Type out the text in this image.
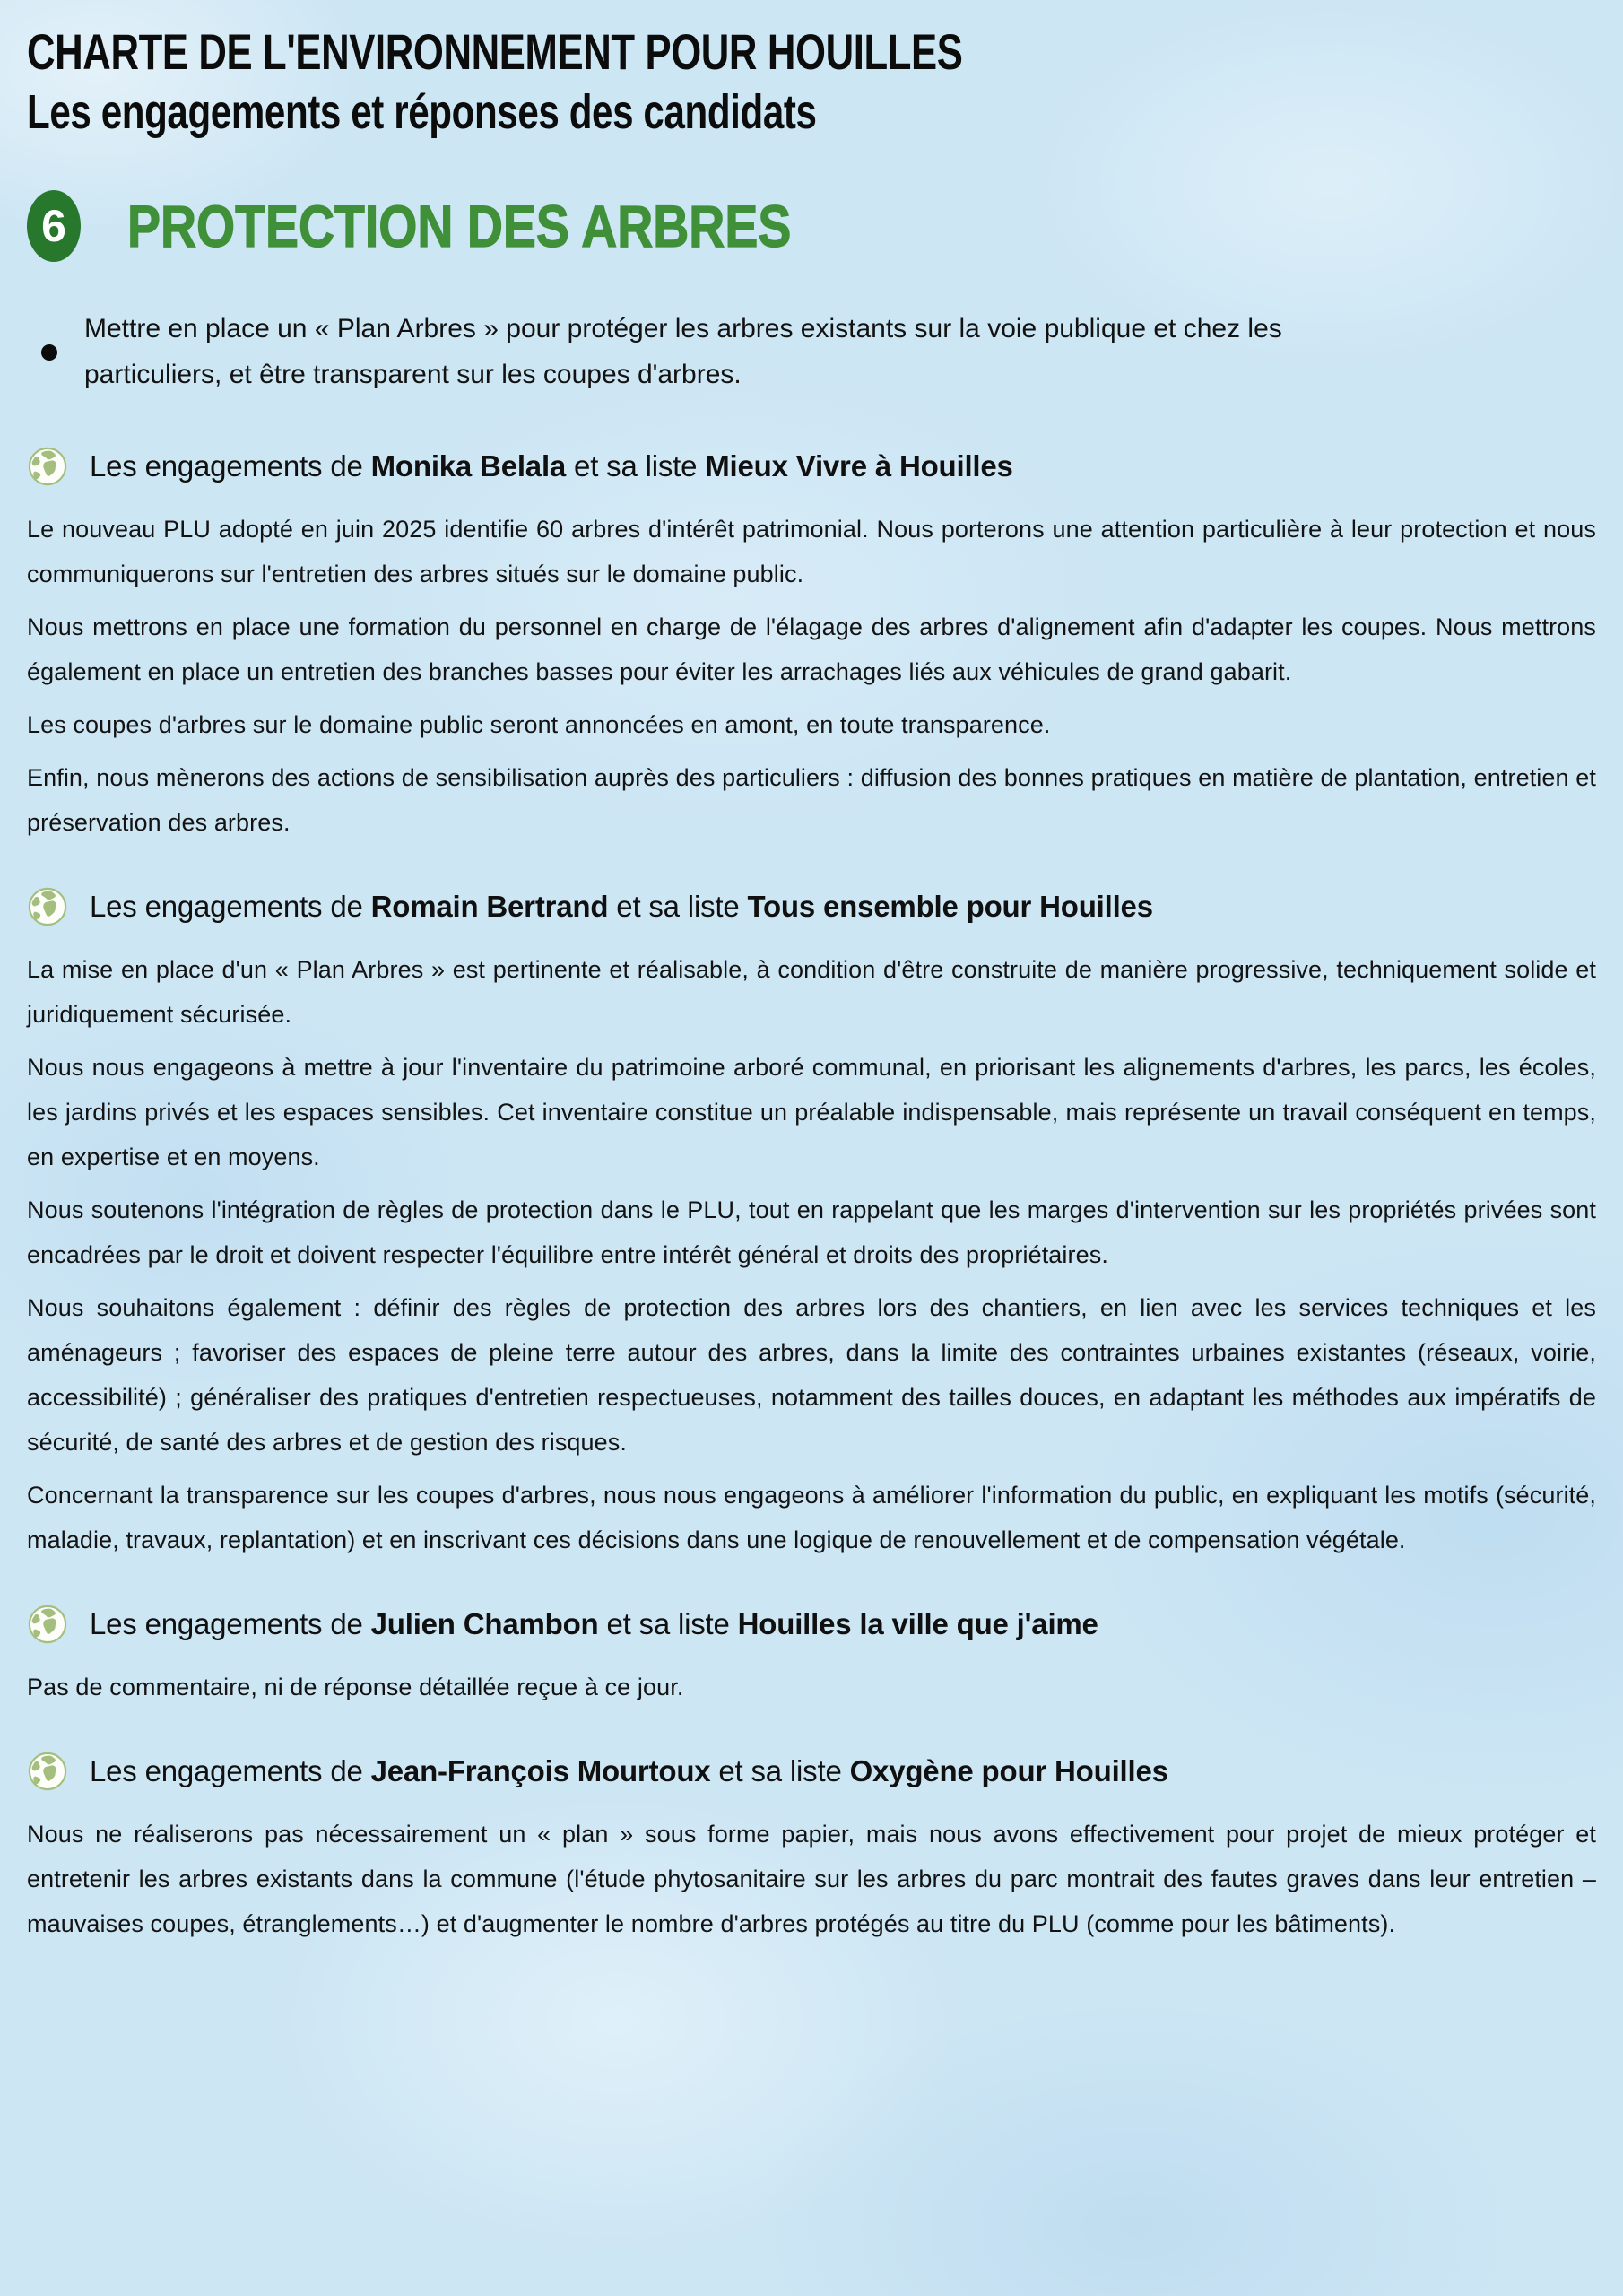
CHARTE DE L'ENVIRONNEMENT POUR HOUILLES
Les engagements et réponses des candidats
6 PROTECTION DES ARBRES

Mettre en place un « Plan Arbres » pour protéger les arbres existants sur la voie publique et chez les particuliers, et être transparent sur les coupes d'arbres.

Les engagements de Monika Belala et sa liste Mieux Vivre à Houilles

Le nouveau PLU adopté en juin 2025 identifie 60 arbres d'intérêt patrimonial. Nous porterons une attention particulière à leur protection et nous communiquerons sur l'entretien des arbres situés sur le domaine public.

Nous mettrons en place une formation du personnel en charge de l'élagage des arbres d'alignement afin d'adapter les coupes. Nous mettrons également en place un entretien des branches basses pour éviter les arrachages liés aux véhicules de grand gabarit.

Les coupes d'arbres sur le domaine public seront annoncées en amont, en toute transparence.

Enfin, nous mènerons des actions de sensibilisation auprès des particuliers : diffusion des bonnes pratiques en matière de plantation, entretien et préservation des arbres.

Les engagements de Romain Bertrand et sa liste Tous ensemble pour Houilles

La mise en place d'un « Plan Arbres » est pertinente et réalisable, à condition d'être construite de manière progressive, techniquement solide et juridiquement sécurisée.

Nous nous engageons à mettre à jour l'inventaire du patrimoine arboré communal, en priorisant les alignements d'arbres, les parcs, les écoles, les jardins privés et les espaces sensibles. Cet inventaire constitue un préalable indispensable, mais représente un travail conséquent en temps, en expertise et en moyens.

Nous soutenons l'intégration de règles de protection dans le PLU, tout en rappelant que les marges d'intervention sur les propriétés privées sont encadrées par le droit et doivent respecter l'équilibre entre intérêt général et droits des propriétaires.

Nous souhaitons également : définir des règles de protection des arbres lors des chantiers, en lien avec les services techniques et les aménageurs ; favoriser des espaces de pleine terre autour des arbres, dans la limite des contraintes urbaines existantes (réseaux, voirie, accessibilité) ; généraliser des pratiques d'entretien respectueuses, notamment des tailles douces, en adaptant les méthodes aux impératifs de sécurité, de santé des arbres et de gestion des risques.

Concernant la transparence sur les coupes d'arbres, nous nous engageons à améliorer l'information du public, en expliquant les motifs (sécurité, maladie, travaux, replantation) et en inscrivant ces décisions dans une logique de renouvellement et de compensation végétale.

Les engagements de Julien Chambon et sa liste Houilles la ville que j'aime

Pas de commentaire, ni de réponse détaillée reçue à ce jour.

Les engagements de Jean-François Mourtoux et sa liste Oxygène pour Houilles

Nous ne réaliserons pas nécessairement un « plan » sous forme papier, mais nous avons effectivement pour projet de mieux protéger et entretenir les arbres existants dans la commune (l'étude phytosanitaire sur les arbres du parc montrait des fautes graves dans leur entretien – mauvaises coupes, étranglements…) et d'augmenter le nombre d'arbres protégés au titre du PLU (comme pour les bâtiments).
